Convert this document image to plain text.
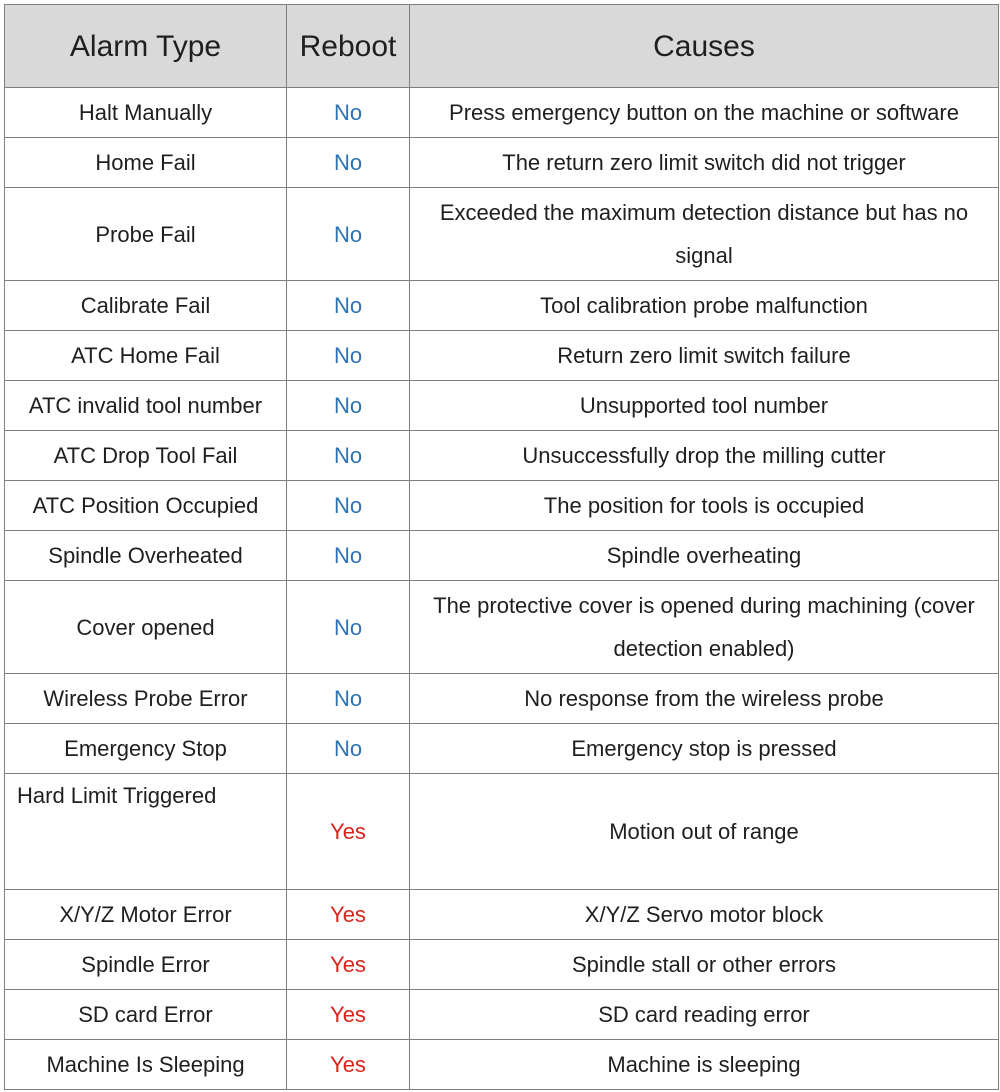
Alarm Type	Reboot	Causes
Halt Manually	No	Press emergency button on the machine or software
Home Fail	No	The return zero limit switch did not trigger
Probe Fail	No	Exceeded the maximum detection distance but has no signal
Calibrate Fail	No	Tool calibration probe malfunction
ATC Home Fail	No	Return zero limit switch failure
ATC invalid tool number	No	Unsupported tool number
ATC Drop Tool Fail	No	Unsuccessfully drop the milling cutter
ATC Position Occupied	No	The position for tools is occupied
Spindle Overheated	No	Spindle overheating
Cover opened	No	The protective cover is opened during machining (cover detection enabled)
Wireless Probe Error	No	No response from the wireless probe
Emergency Stop	No	Emergency stop is pressed
Hard Limit Triggered	Yes	Motion out of range
X/Y/Z Motor Error	Yes	X/Y/Z Servo motor block
Spindle Error	Yes	Spindle stall or other errors
SD card Error	Yes	SD card reading error
Machine Is Sleeping	Yes	Machine is sleeping
